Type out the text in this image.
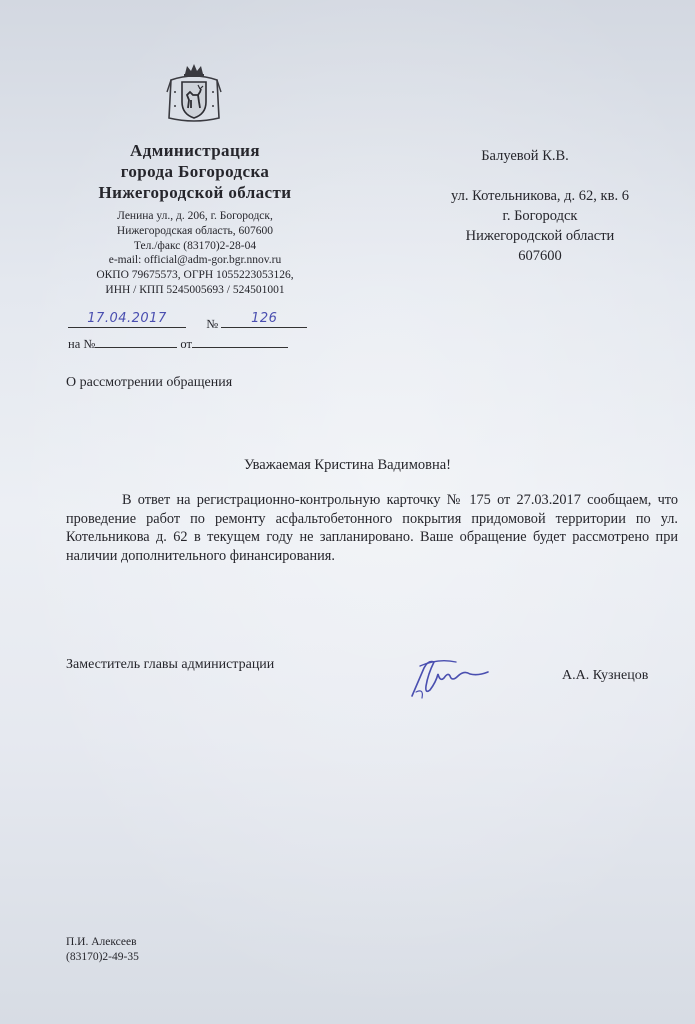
Администрация
города Богородска
Нижегородской области
Ленина ул., д. 206, г. Богородск,
Нижегородская область, 607600
Тел./факс (83170)2-28-04
e-mail: official@adm-gor.bgr.nnov.ru
ОКПО 79675573, ОГРН 1055223053126,
ИНН / КПП 5245005693 / 524501001
17.04.2017	№	126
на №	от
Балуевой К.В.
ул. Котельникова, д. 62, кв. 6
г. Богородск
Нижегородской области
607600
О рассмотрении обращения
Уважаемая Кристина Вадимовна!
В ответ на регистрационно-контрольную карточку № 175 от 27.03.2017 сообщаем, что проведение работ по ремонту асфальтобетонного покрытия придомовой территории по ул. Котельникова д. 62 в текущем году не запланировано. Ваше обращение будет рассмотрено при наличии дополнительного финансирования.
Заместитель главы администрации
А.А. Кузнецов
П.И. Алексеев
(83170)2-49-35
